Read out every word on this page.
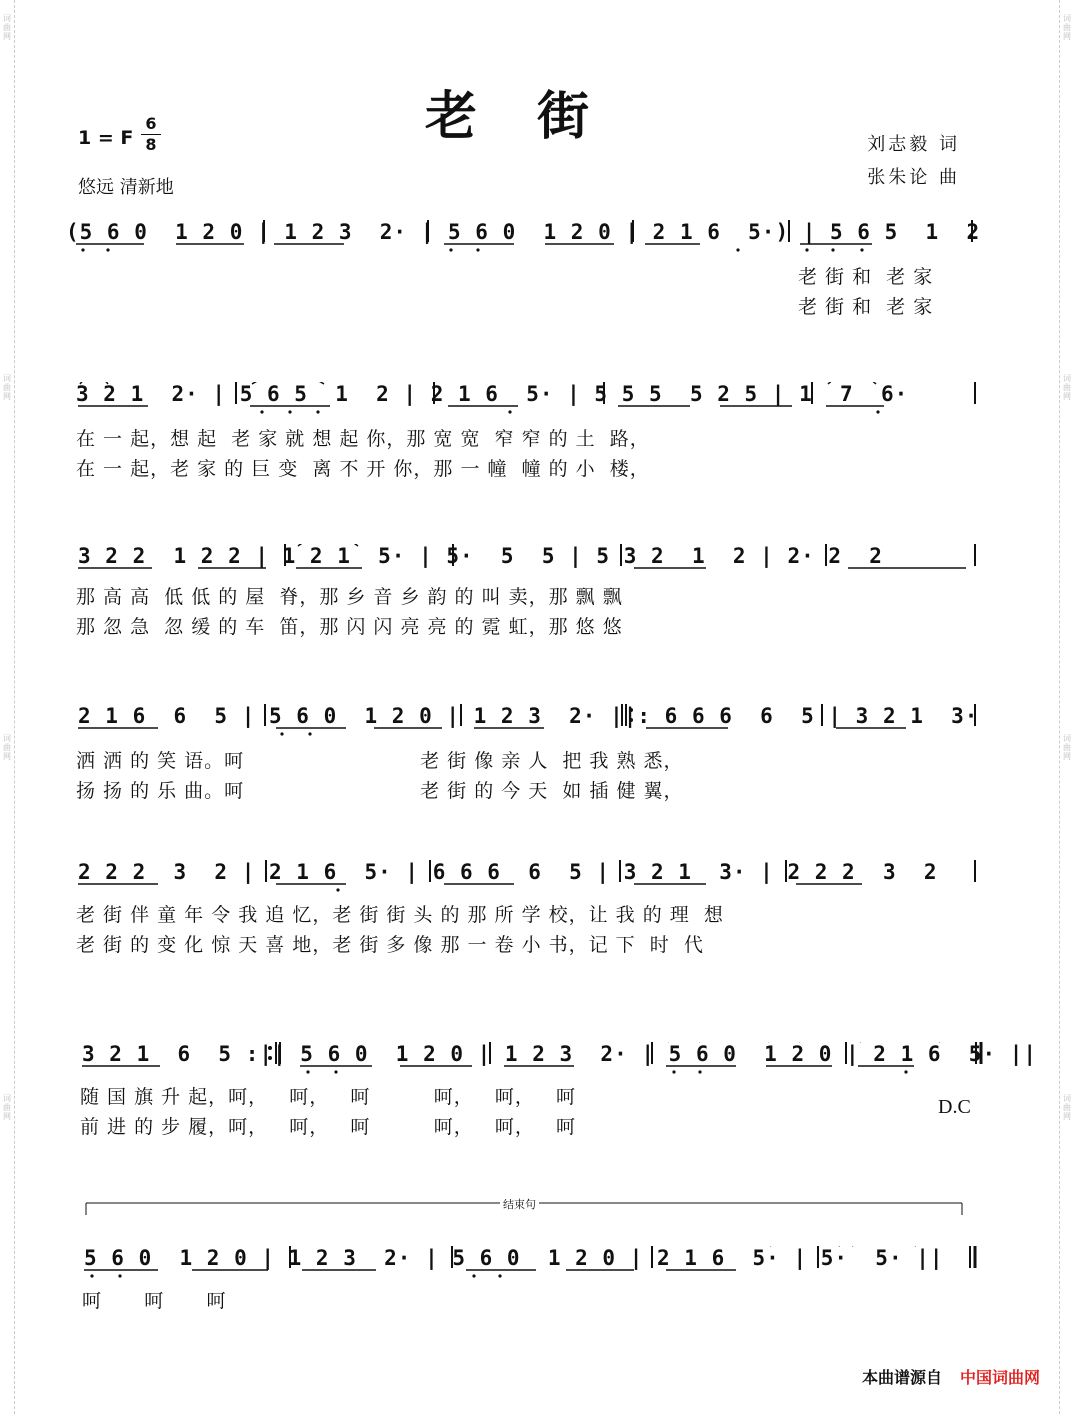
词曲网
词曲网
词曲网
词曲网
词曲网
词曲网
词曲网
词曲网
老街
1 = F
6
8
悠远 清新地
刘志毅 词
张朱论 曲
(5 6 0  1 2 0 | 1 2 3  2· | 5 6 0  1 2 0 | 2 1 6  5·) | 5 6 5  1  2
老 街 和  老 家
老 街 和  老 家
3 2 1  2· | 5 6 5  1  2 | 2 1 6  5· | 5 5 5  5 2 5 | 1  7  6·
在 一 起，想 起  老 家 就 想 起 你，那 宽 宽  窄 窄 的 土  路，
在 一 起，老 家 的 巨 变  离 不 开 你，那 一 幢  幢 的 小  楼，
3 2 2  1 2 2 | 1 2 1  5· | 5·  5  5 | 5 3 2  1  2 | 2· 2  2
那 高 高  低 低 的 屋  脊，那 乡 音 乡 韵 的 叫 卖，那 飘 飘
那 忽 急  忽 缓 的 车  笛，那 闪 闪 亮 亮 的 霓 虹，那 悠 悠
2 1 6  6  5 | 5 6 0  1 2 0 | 1 2 3  2· ||: 6 6 6  6  5 | 3 2 1  3·
洒 洒 的 笑 语。呵                         老 街 像 亲 人  把 我 熟 悉，
扬 扬 的 乐 曲。呵                         老 街 的 今 天  如 插 健 翼，
2 2 2  3  2 | 2 1 6  5· | 6 6 6  6  5 | 3 2 1  3· | 2 2 2  3  2
老 街 伴 童 年 令 我 追 忆，老 街 街 头 的 那 所 学 校，让 我 的 理  想
老 街 的 变 化 惊 天 喜 地，老 街 多 像 那 一 卷 小 书，记 下  时  代
3 2 1  6  5 :|| 5 6 0  1 2 0 | 1 2 3  2· | 5 6 0  1 2 0 | 2 1 6  5· ||
随 国 旗 升 起，呵，   呵，   呵         呵，   呵，   呵
前 进 的 步 履，呵，   呵，   呵         呵，   呵，   呵
D.C
结束句
5 6 0  1 2 0 | 1 2 3  2· | 5 6 0  1 2 0 | 2 1 6  5· | 5·  5· ||
呵      呵      呵
本曲谱源自 中国词曲网
